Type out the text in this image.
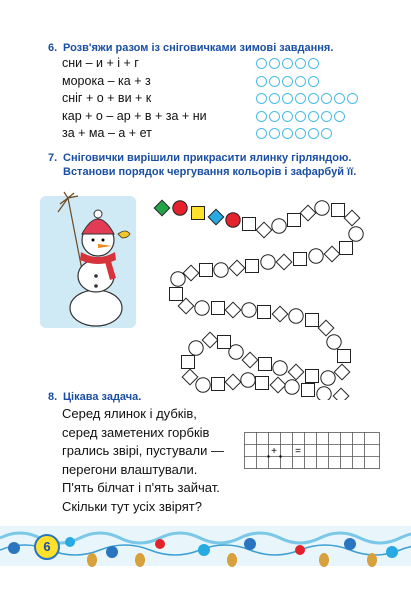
6. Розв'яжи разом із сніговичками зимові завдання.
сни – и + і + г
морока – ка + з
сніг + о + ви + к
кар + о – ар + в + за + ни
за + ма – а + ет
7. Сніговички вирішили прикрасити ялинку гірляндою.
Встанови порядок чергування кольорів і зафарбуй її.
8. Цікава задача.
Серед ялинок і дубків,
серед заметених горбків
грались звірі, пустували —
перегони влаштували.
П'ять білчат і п'ять зайчат.
Скільки тут усіх звірят?
+ =
6
